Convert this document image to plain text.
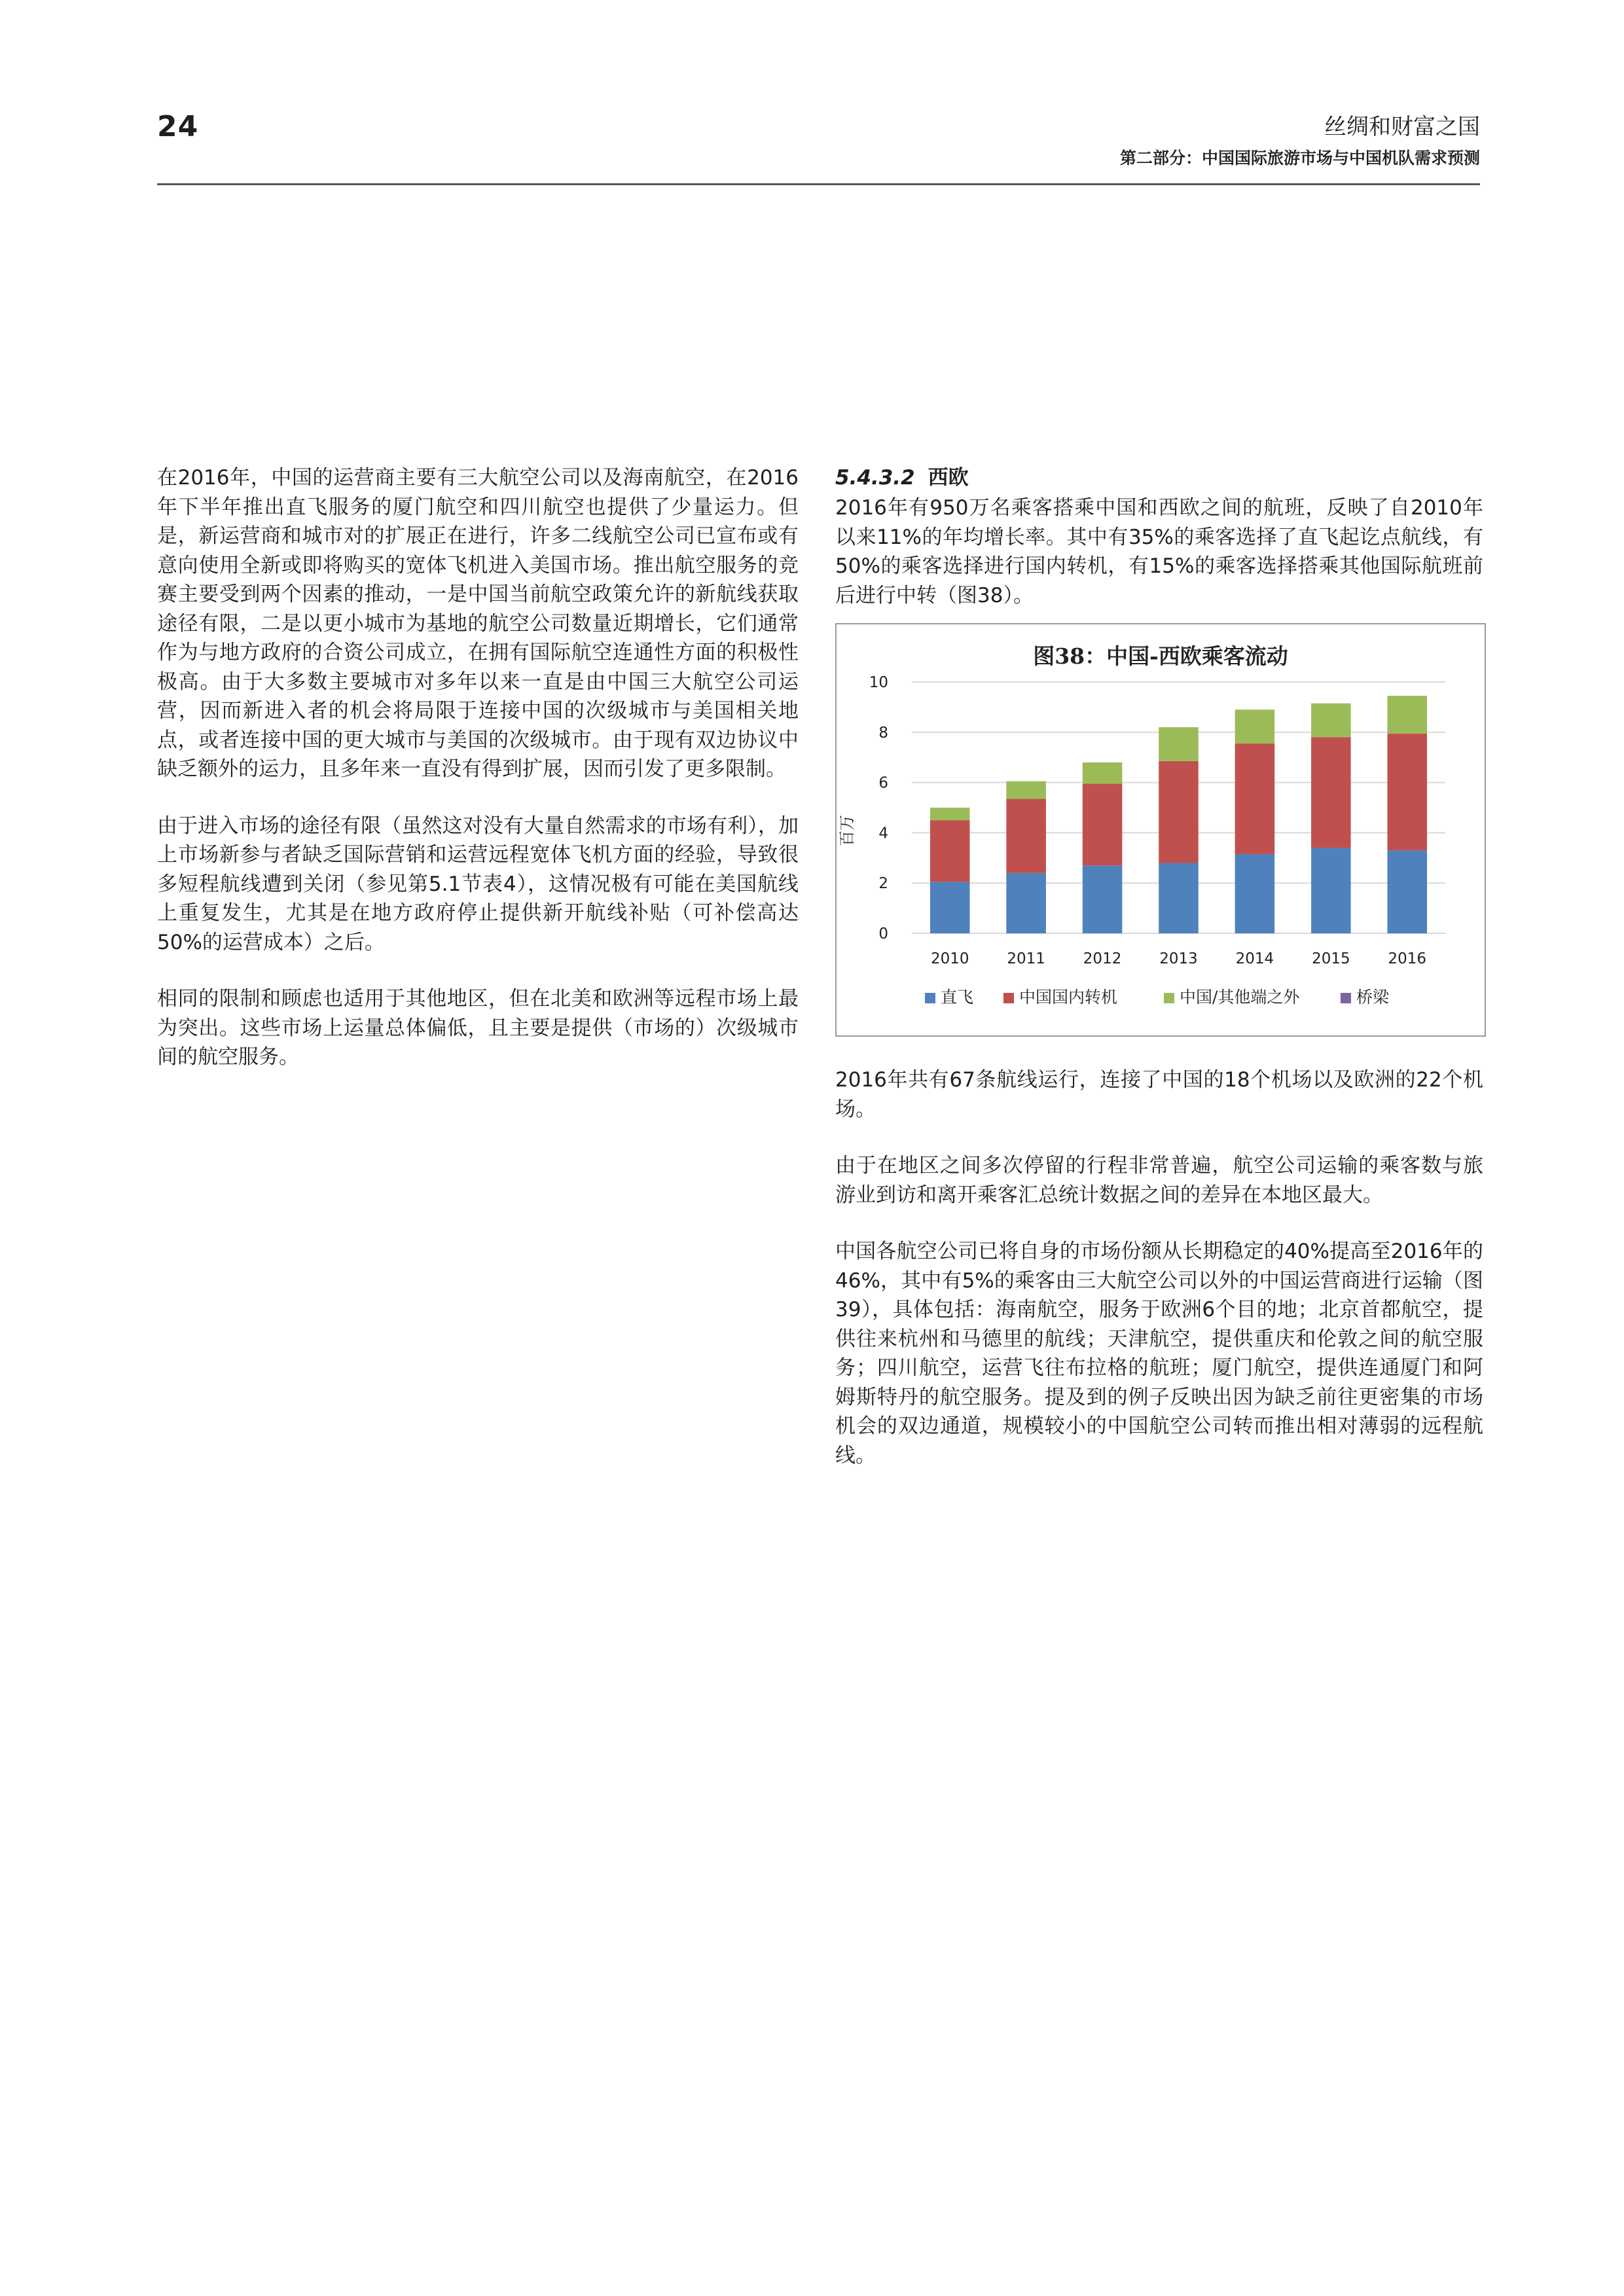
24	丝绸和财富之国
第二部分：中国国际旅游市场与中国机队需求预测

在2016年，中国的运营商主要有三大航空公司以及海南航空，在2016年下半年推出直飞服务的厦门航空和四川航空也提供了少量运力。但是，新运营商和城市对的扩展正在进行，许多二线航空公司已宣布或有意向使用全新或即将购买的宽体飞机进入美国市场。推出航空服务的竞赛主要受到两个因素的推动，一是中国当前航空政策允许的新航线获取途径有限，二是以更小城市为基地的航空公司数量近期增长，它们通常作为与地方政府的合资公司成立，在拥有国际航空连通性方面的积极性极高。由于大多数主要城市对多年以来一直是由中国三大航空公司运营，因而新进入者的机会将局限于连接中国的次级城市与美国相关地点，或者连接中国的更大城市与美国的次级城市。由于现有双边协议中缺乏额外的运力，且多年来一直没有得到扩展，因而引发了更多限制。

由于进入市场的途径有限（虽然这对没有大量自然需求的市场有利），加上市场新参与者缺乏国际营销和运营远程宽体飞机方面的经验，导致很多短程航线遭到关闭（参见第5.1节表4），这情况极有可能在美国航线上重复发生，尤其是在地方政府停止提供新开航线补贴（可补偿高达50%的运营成本）之后。

相同的限制和顾虑也适用于其他地区，但在北美和欧洲等远程市场上最为突出。这些市场上运量总体偏低，且主要是提供（市场的）次级城市间的航空服务。

5.4.3.2 西欧

2016年有950万名乘客搭乘中国和西欧之间的航班，反映了自2010年以来11%的年均增长率。其中有35%的乘客选择了直飞起讫点航线，有50%的乘客选择进行国内转机，有15%的乘客选择搭乘其他国际航班前后进行中转（图38）。

图38：中国-西欧乘客流动
百万
0
2
4
6
8
10
2010	2011	2012	2013	2014	2015	2016
直飞	中国国内转机	中国/其他端之外	桥梁

2016年共有67条航线运行，连接了中国的18个机场以及欧洲的22个机场。

由于在地区之间多次停留的行程非常普遍，航空公司运输的乘客数与旅游业到访和离开乘客汇总统计数据之间的差异在本地区最大。

中国各航空公司已将自身的市场份额从长期稳定的40%提高至2016年的46%，其中有5%的乘客由三大航空公司以外的中国运营商进行运输（图39），具体包括：海南航空，服务于欧洲6个目的地；北京首都航空，提供往来杭州和马德里的航线；天津航空，提供重庆和伦敦之间的航空服务；四川航空，运营飞往布拉格的航班；厦门航空，提供连通厦门和阿姆斯特丹的航空服务。提及到的例子反映出因为缺乏前往更密集的市场机会的双边通道，规模较小的中国航空公司转而推出相对薄弱的远程航线。
